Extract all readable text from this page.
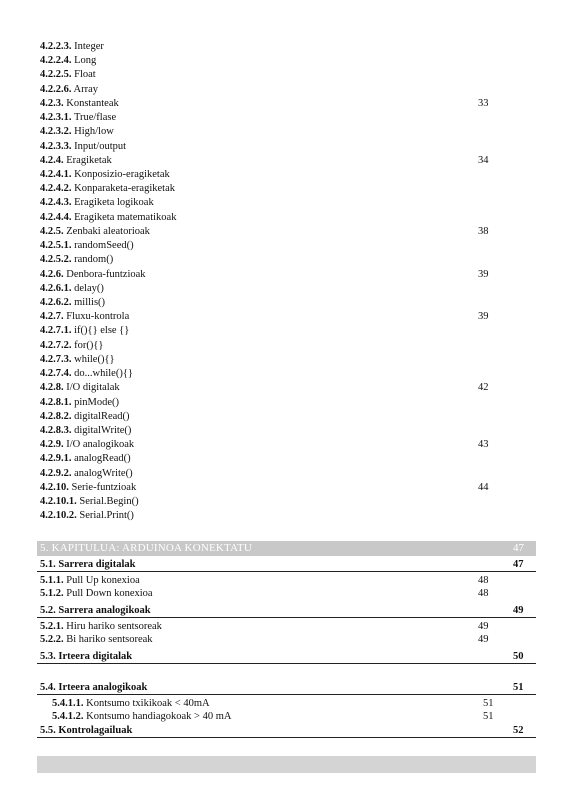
4.2.2.3. Integer
4.2.2.4. Long
4.2.2.5. Float
4.2.2.6. Array
4.2.3. Konstanteak	33
4.2.3.1. True/flase
4.2.3.2. High/low
4.2.3.3. Input/output
4.2.4. Eragiketak	34
4.2.4.1. Konposizio-eragiketak
4.2.4.2. Konparaketa-eragiketak
4.2.4.3. Eragiketa logikoak
4.2.4.4. Eragiketa matematikoak
4.2.5. Zenbaki aleatorioak	38
4.2.5.1. randomSeed()
4.2.5.2. random()
4.2.6. Denbora-funtzioak	39
4.2.6.1. delay()
4.2.6.2. millis()
4.2.7. Fluxu-kontrola	39
4.2.7.1. if(){} else {}
4.2.7.2. for(){}
4.2.7.3. while(){}
4.2.7.4. do...while(){}
4.2.8. I/O digitalak	42
4.2.8.1. pinMode()
4.2.8.2. digitalRead()
4.2.8.3. digitalWrite()
4.2.9. I/O analogikoak	43
4.2.9.1. analogRead()
4.2.9.2. analogWrite()
4.2.10. Serie-funtzioak	44
4.2.10.1. Serial.Begin()
4.2.10.2. Serial.Print()
5. KAPITULUA: ARDUINOA KONEKTATU	47
5.1. Sarrera digitalak	47
5.1.1. Pull Up konexioa	48
5.1.2. Pull Down konexioa	48
5.2. Sarrera analogikoak	49
5.2.1. Hiru hariko sentsoreak	49
5.2.2. Bi hariko sentsoreak	49
5.3. Irteera digitalak	50
5.4. Irteera analogikoak	51
5.4.1.1. Kontsumo txikikoak < 40mA	51
5.4.1.2. Kontsumo handiagokoak > 40 mA	51
5.5. Kontrolagailuak	52
